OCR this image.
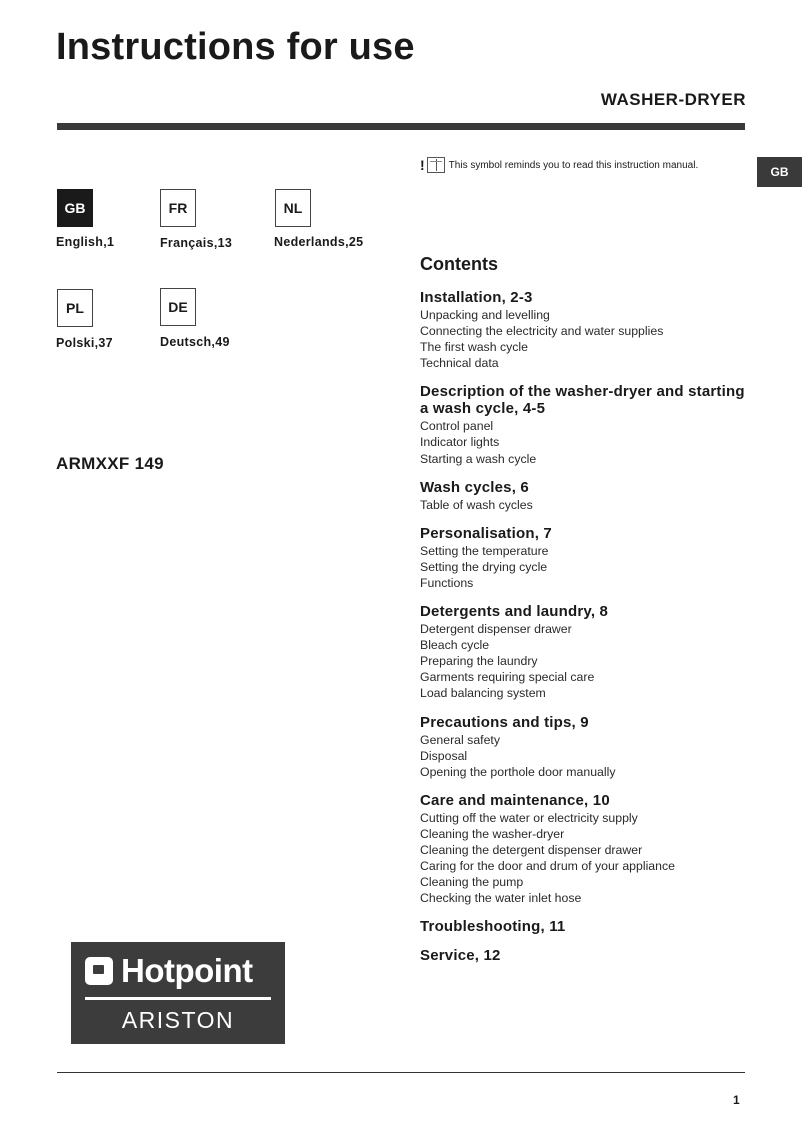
Instructions for use
WASHER-DRYER
GB
GB
English,1
FR
Français,13
NL
Nederlands,25
PL
Polski,37
DE
Deutsch,49
ARMXXF 149
! This symbol reminds you to read this instruction manual.
Contents
Installation, 2-3
Unpacking and levelling
Connecting the electricity and water supplies
The first wash cycle
Technical data
Description of the washer-dryer and starting a wash cycle, 4-5
Control panel
Indicator lights
Starting a wash cycle
Wash cycles, 6
Table of wash cycles
Personalisation, 7
Setting the temperature
Setting the drying cycle
Functions
Detergents and laundry, 8
Detergent dispenser drawer
Bleach cycle
Preparing the laundry
Garments requiring special care
Load balancing system
Precautions and tips, 9
General safety
Disposal
Opening the porthole door manually
Care and maintenance, 10
Cutting off the water or electricity supply
Cleaning the washer-dryer
Cleaning the detergent dispenser drawer
Caring for the door and drum of your appliance
Cleaning the pump
Checking the water inlet hose
Troubleshooting, 11
Service, 12
Hotpoint
ARISTON
1
